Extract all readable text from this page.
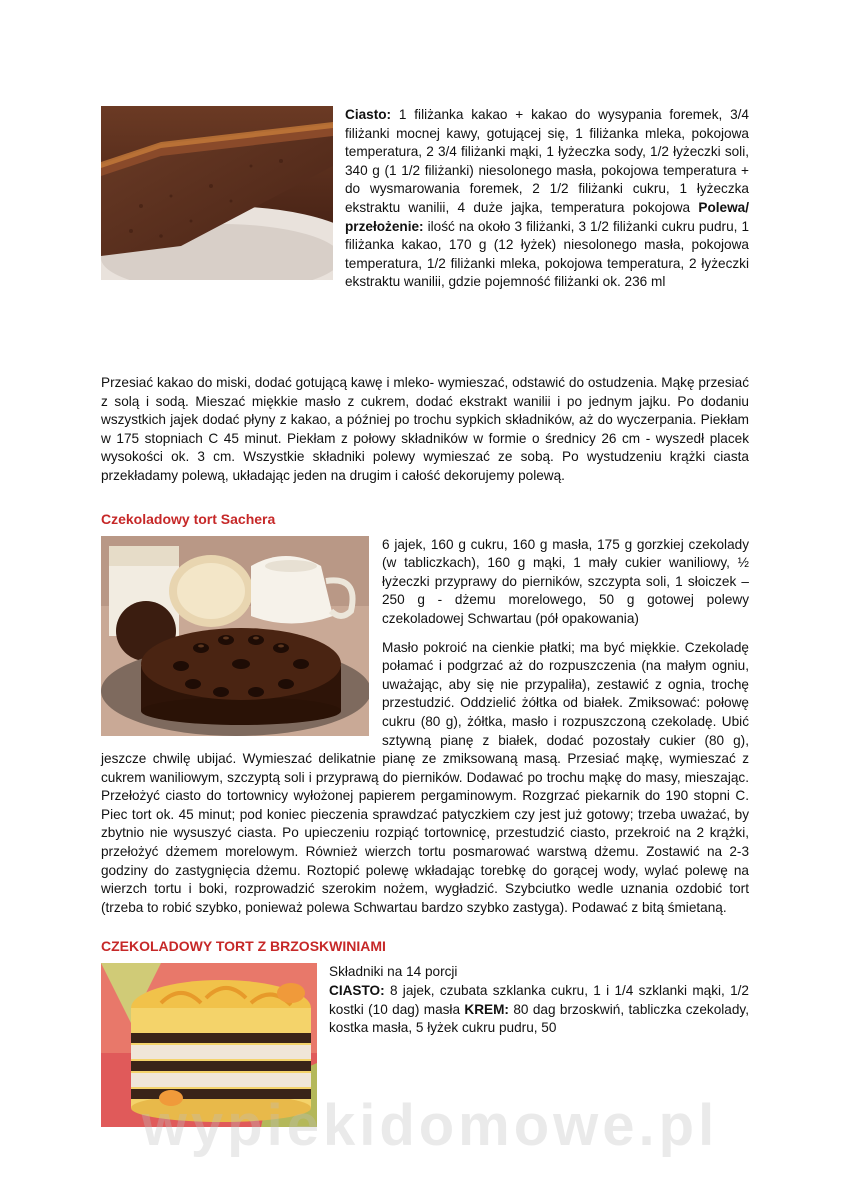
Ciasto: 1 filiżanka kakao + kakao do wysypania foremek, 3/4 filiżanki mocnej kawy, gotującej się, 1 filiżanka mleka, pokojowa temperatura, 2 3/4 filiżanki mąki, 1 łyżeczka sody, 1/2 łyżeczki soli, 340 g (1 1/2 filiżanki) niesolonego masła, pokojowa temperatura + do wysmarowania foremek, 2 1/2 filiżanki cukru, 1 łyżeczka ekstraktu wanilii, 4 duże jajka, temperatura pokojowa Polewa/ przełożenie: ilość na około 3 filiżanki, 3 1/2 filiżanki cukru pudru, 1 filiżanka kakao, 170 g (12 łyżek) niesolonego masła, pokojowa temperatura, 1/2 filiżanki mleka, pokojowa temperatura, 2 łyżeczki ekstraktu wanilii, gdzie pojemność filiżanki ok. 236 ml

Przesiać kakao do miski, dodać gotującą kawę i mleko- wymieszać, odstawić do ostudzenia. Mąkę przesiać z solą i sodą. Mieszać miękkie masło z cukrem, dodać ekstrakt wanilii i po jednym jajku. Po dodaniu wszystkich jajek dodać płyny z kakao, a później po trochu sypkich składników, aż do wyczerpania. Piekłam w 175 stopniach C 45 minut. Piekłam z połowy składników w formie o średnicy 26 cm - wyszedł placek wysokości ok. 3 cm. Wszystkie składniki polewy wymieszać ze sobą. Po wystudzeniu krążki ciasta przekładamy polewą, układając jeden na drugim i całość dekorujemy polewą.

Czekoladowy tort Sachera

6 jajek, 160 g cukru, 160 g masła, 175 g gorzkiej czekolady (w tabliczkach), 160 g mąki, 1 mały cukier waniliowy, ½ łyżeczki przyprawy do pierników, szczypta soli, 1 słoiczek – 250 g - dżemu morelowego, 50 g gotowej polewy czekoladowej Schwartau (pół opakowania)

Masło pokroić na cienkie płatki; ma być miękkie. Czekoladę połamać i podgrzać aż do rozpuszczenia (na małym ogniu, uważając, aby się nie przypaliła), zestawić z ognia, trochę przestudzić. Oddzielić żółtka od białek. Zmiksować: połowę cukru (80 g), żółtka, masło i rozpuszczoną czekoladę. Ubić sztywną pianę z białek, dodać pozostały cukier (80 g), jeszcze chwilę ubijać. Wymieszać delikatnie pianę ze zmiksowaną masą. Przesiać mąkę, wymieszać z cukrem waniliowym, szczyptą soli i przyprawą do pierników. Dodawać po trochu mąkę do masy, mieszając. Przełożyć ciasto do tortownicy wyłożonej papierem pergaminowym. Rozgrzać piekarnik do 190 stopni C. Piec tort ok. 45 minut; pod koniec pieczenia sprawdzać patyczkiem czy jest już gotowy; trzeba uważać, by zbytnio nie wysuszyć ciasta. Po upieczeniu rozpiąć tortownicę, przestudzić ciasto, przekroić na 2 krążki, przełożyć dżemem morelowym. Również wierzch tortu posmarować warstwą dżemu. Zostawić na 2-3 godziny do zastygnięcia dżemu. Roztopić polewę wkładając torebkę do gorącej wody, wylać polewę na wierzch tortu i boki, rozprowadzić szerokim nożem, wygładzić. Szybciutko wedle uznania ozdobić tort (trzeba to robić szybko, ponieważ polewa Schwartau bardzo szybko zastyga). Podawać z bitą śmietaną.

CZEKOLADOWY TORT Z BRZOSKWINIAMI

Składniki na 14 porcji

CIASTO: 8 jajek, czubata szklanka cukru, 1 i 1/4 szklanki mąki, 1/2 kostki (10 dag) masła KREM: 80 dag brzoskwiń, tabliczka czekolady, kostka masła, 5 łyżek cukru pudru, 50

wypiekidomowe.pl
